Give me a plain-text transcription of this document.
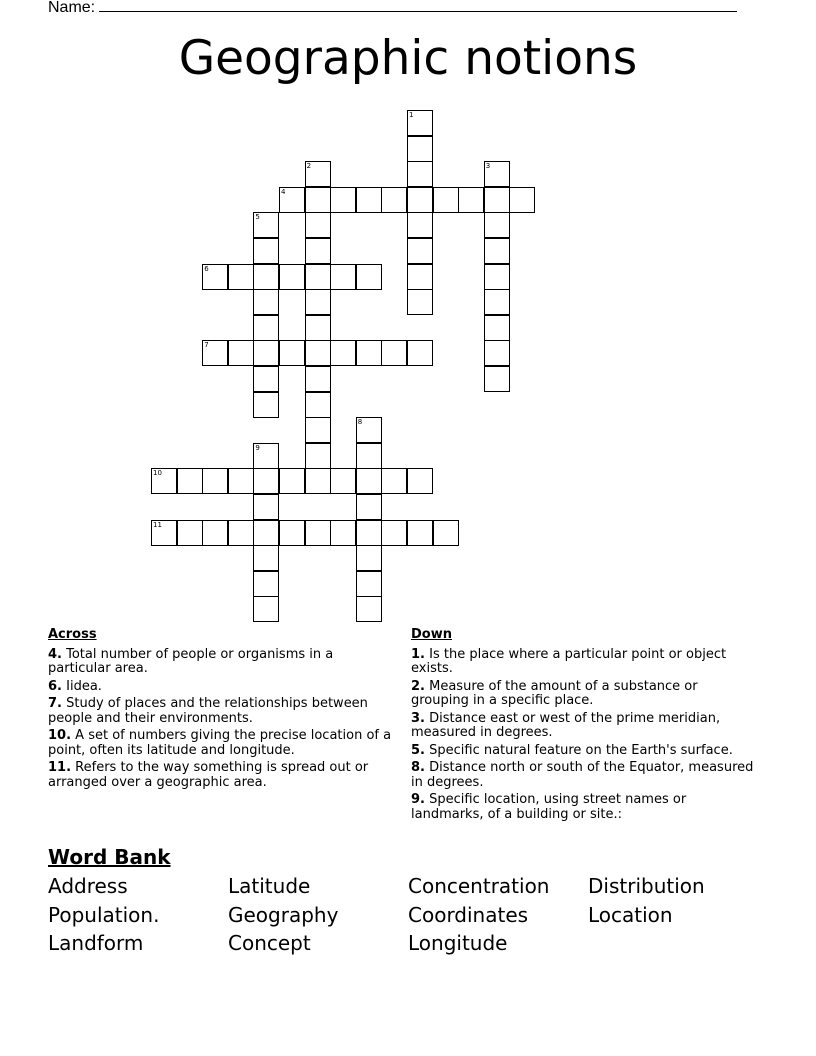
Name:
Geographic notions
1
2	3
4
5
6
7
8
9
10
11
Across
4. Total number of people or organisms in a particular area.
6. Iidea.
7. Study of places and the relationships between people and their environments.
10. A set of numbers giving the precise location of a point, often its latitude and longitude.
11. Refers to the way something is spread out or arranged over a geographic area.
Down
1. Is the place where a particular point or object exists.
2. Measure of the amount of a substance or grouping in a specific place.
3. Distance east or west of the prime meridian, measured in degrees.
5. Specific natural feature on the Earth's surface.
8. Distance north or south of the Equator, measured in degrees.
9. Specific location, using street names or landmarks, of a building or site.:
Word Bank
Address	Latitude	Concentration Distribution
Population.	Geography	Coordinates	Location
Landform	Concept	Longitude
